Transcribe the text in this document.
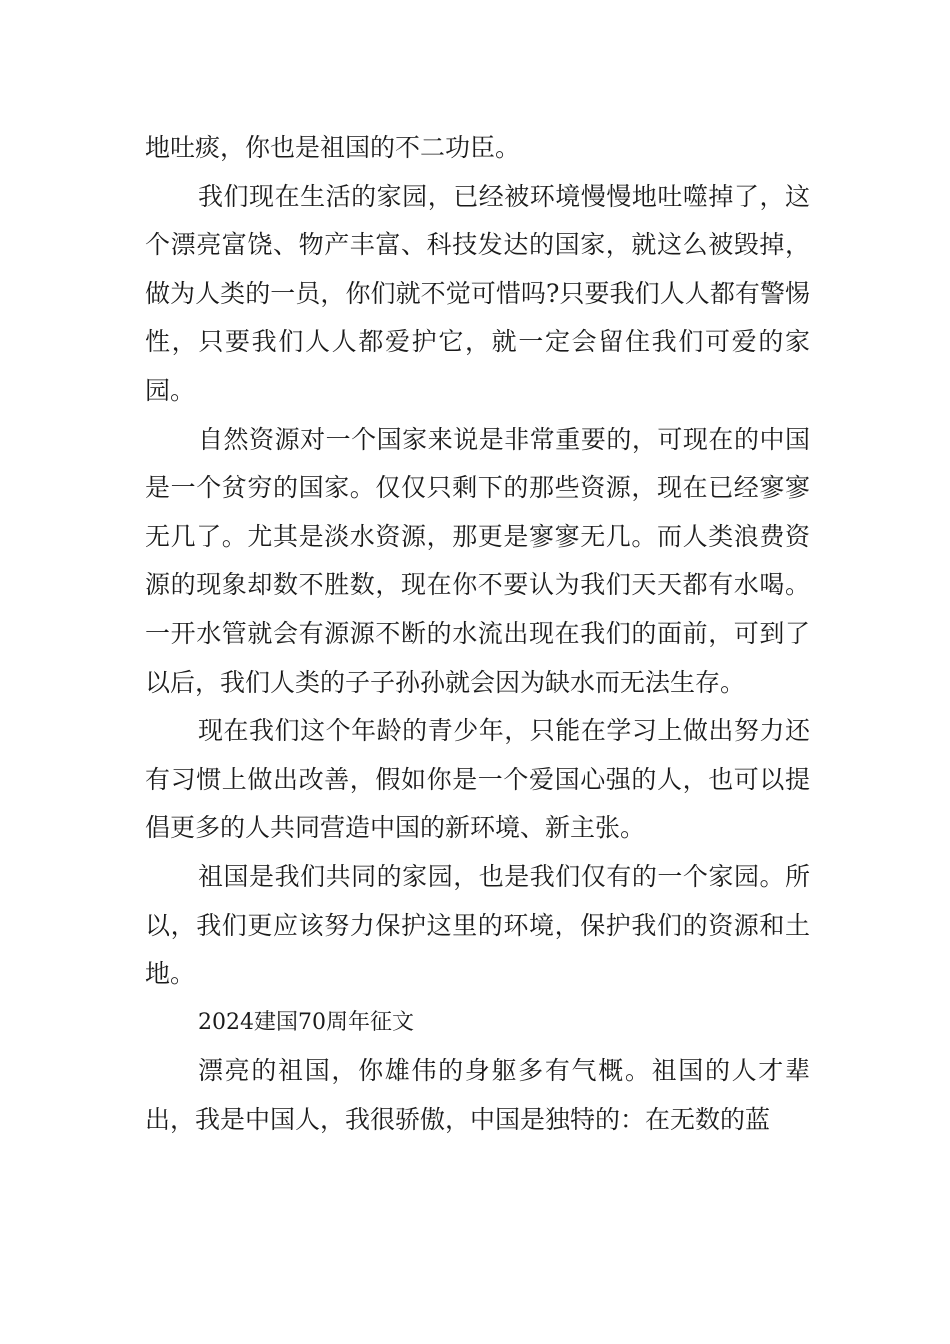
地吐痰，你也是祖国的不二功臣。

我们现在生活的家园，已经被环境慢慢地吐噬掉了，这个漂亮富饶、物产丰富、科技发达的国家，就这么被毁掉，做为人类的一员，你们就不觉可惜吗?只要我们人人都有警惕性，只要我们人人都爱护它，就一定会留住我们可爱的家园。

自然资源对一个国家来说是非常重要的，可现在的中国是一个贫穷的国家。仅仅只剩下的那些资源，现在已经寥寥无几了。尤其是淡水资源，那更是寥寥无几。而人类浪费资源的现象却数不胜数，现在你不要认为我们天天都有水喝。一开水管就会有源源不断的水流出现在我们的面前，可到了以后，我们人类的子子孙孙就会因为缺水而无法生存。

现在我们这个年龄的青少年，只能在学习上做出努力还有习惯上做出改善，假如你是一个爱国心强的人，也可以提倡更多的人共同营造中国的新环境、新主张。

祖国是我们共同的家园，也是我们仅有的一个家园。所以，我们更应该努力保护这里的环境，保护我们的资源和土地。

2024建国70周年征文

漂亮的祖国，你雄伟的身躯多有气概。祖国的人才辈出，我是中国人，我很骄傲，中国是独特的：在无数的蓝
